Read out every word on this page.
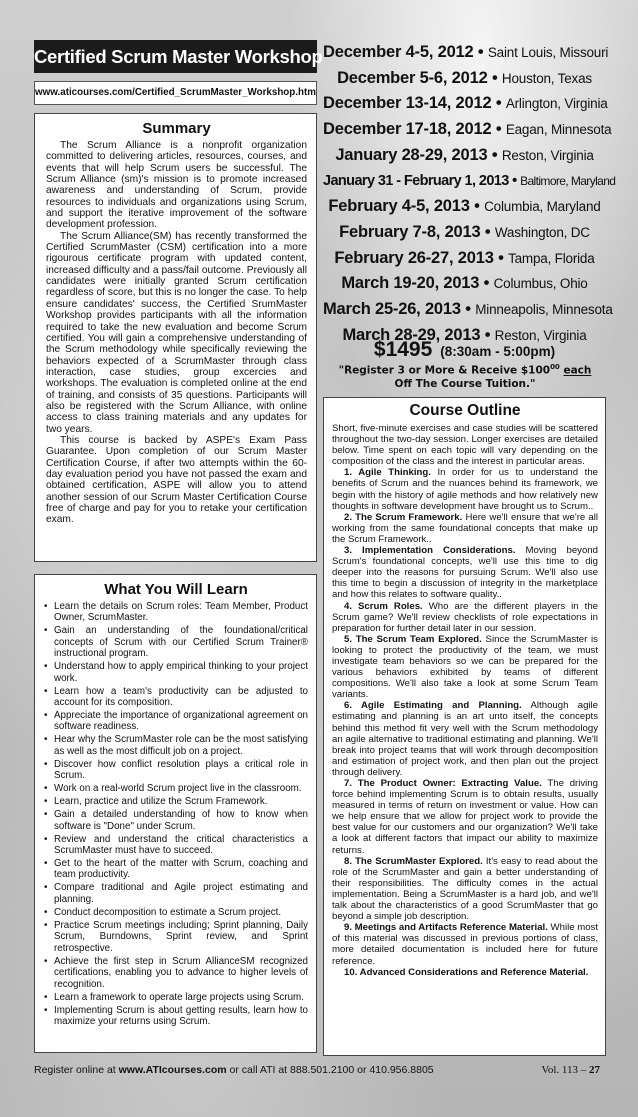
Certified Scrum Master Workshop
www.aticourses.com/Certified_ScrumMaster_Workshop.htm
Summary

The Scrum Alliance is a nonprofit organization committed to delivering articles, resources, courses, and events that will help Scrum users be successful. The Scrum Alliance (sm)'s mission is to promote increased awareness and understanding of Scrum, provide resources to individuals and organizations using Scrum, and support the iterative improvement of the software development profession.

The Scrum Alliance(SM) has recently transformed the Certified ScrumMaster (CSM) certification into a more rigourous certificate program with updated content, increased difficulty and a pass/fail outcome. Previously all candidates were initially granted Scrum certification regardless of score, but this is no longer the case. To help ensure candidates' success, the Certified SrumMaster Workshop provides participants with all the information required to take the new evaluation and become Scrum certified. You will gain a comprehensive understanding of the Scrum methodology while specifically reviewing the behaviors expected of a ScrumMaster through class interaction, case studies, group excercies and workshops. The evaluation is completed online at the end of training, and consists of 35 questions. Participants will also be registered with the Scrum Alliance, with online access to class training materials and any updates for two years.

This course is backed by ASPE's Exam Pass Guarantee. Upon completion of our Scrum Master Certification Course, if after two attempts within the 60-day evaluation period you have not passed the exam and obtained certification, ASPE will allow you to attend another session of our Scrum Master Certification Course free of charge and pay for you to retake your certification exam.

What You Will Learn
• Learn the details on Scrum roles: Team Member, Product Owner, ScrumMaster.
• Gain an understanding of the foundational/critical concepts of Scrum with our Certified Scrum Trainer® instructional program.
• Understand how to apply empirical thinking to your project work.
• Learn how a team's productivity can be adjusted to account for its composition.
• Appreciate the importance of organizational agreement on software readiness.
• Hear why the ScrumMaster role can be the most satisfying as well as the most difficult job on a project.
• Discover how conflict resolution plays a critical role in Scrum.
• Work on a real-world Scrum project live in the classroom.
• Learn, practice and utilize the Scrum Framework.
• Gain a detailed understanding of how to know when software is "Done" under Scrum.
• Review and understand the critical characteristics a ScrumMaster must have to succeed.
• Get to the heart of the matter with Scrum, coaching and team productivity.
• Compare traditional and Agile project estimating and planning.
• Conduct decomposition to estimate a Scrum project.
• Practice Scrum meetings including; Sprint planning, Daily Scrum, Burndowns, Sprint review, and Sprint retrospective.
• Achieve the first step in Scrum AllianceSM recognized certifications, enabling you to advance to higher levels of recognition.
• Learn a framework to operate large projects using Scrum.
• Implementing Scrum is about getting results, learn how to maximize your returns using Scrum.
December 4-5, 2012 • Saint Louis, Missouri
December 5-6, 2012 • Houston, Texas
December 13-14, 2012 • Arlington, Virginia
December 17-18, 2012 • Eagan, Minnesota
January 28-29, 2013 • Reston, Virginia
January 31 - February 1, 2013 • Baltimore, Maryland
February 4-5, 2013 • Columbia, Maryland
February 7-8, 2013 • Washington, DC
February 26-27, 2013 • Tampa, Florida
March 19-20, 2013 • Columbus, Ohio
March 25-26, 2013 • Minneapolis, Minnesota
March 28-29, 2013 • Reston, Virginia
$1495 (8:30am - 5:00pm)
"Register 3 or More & Receive $\$100^{00}$ each
Off The Course Tuition."
Course Outline

Short, five-minute exercises and case studies will be scattered throughout the two-day session. Longer exercises are detailed below. Time spent on each topic will vary depending on the composition of the class and the interest in particular areas.

1. Agile Thinking. In order for us to understand the benefits of Scrum and the nuances behind its framework, we begin with the history of agile methods and how relatively new thoughts in software development have brought us to Scrum..

2. The Scrum Framework. Here we'll ensure that we're all working from the same foundational concepts that make up the Scrum Framework..

3. Implementation Considerations. Moving beyond Scrum's foundational concepts, we'll use this time to dig deeper into the reasons for pursuing Scrum. We'll also use this time to begin a discussion of integrity in the marketplace and how this relates to software quality..

4. Scrum Roles. Who are the different players in the Scrum game? We'll review checklists of role expectations in preparation for further detail later in our session.

5. The Scrum Team Explored. Since the ScrumMaster is looking to protect the productivity of the team, we must investigate team behaviors so we can be prepared for the various behaviors exhibited by teams of different compositions. We'll also take a look at some Scrum Team variants.

6. Agile Estimating and Planning. Although agile estimating and planning is an art unto itself, the concepts behind this method fit very well with the Scrum methodology an agile alternative to traditional estimating and planning. We'll break into project teams that will work through decomposition and estimation of project work, and then plan out the project through delivery.

7. The Product Owner: Extracting Value. The driving force behind implementing Scrum is to obtain results, usually measured in terms of return on investment or value. How can we help ensure that we allow for project work to provide the best value for our customers and our organization? We'll take a look at different factors that impact our ability to maximize returns.

8. The ScrumMaster Explored. It's easy to read about the role of the ScrumMaster and gain a better understanding of their responsibilities. The difficulty comes in the actual implementation. Being a ScrumMaster is a hard job, and we'll talk about the characteristics of a good ScrumMaster that go beyond a simple job description.

9. Meetings and Artifacts Reference Material. While most of this material was discussed in previous portions of class, more detailed documentation is included here for future reference.

10. Advanced Considerations and Reference Material.

Register online at www.ATIcourses.com or call ATI at 888.501.2100 or 410.956.8805	Vol. 113 – 27
